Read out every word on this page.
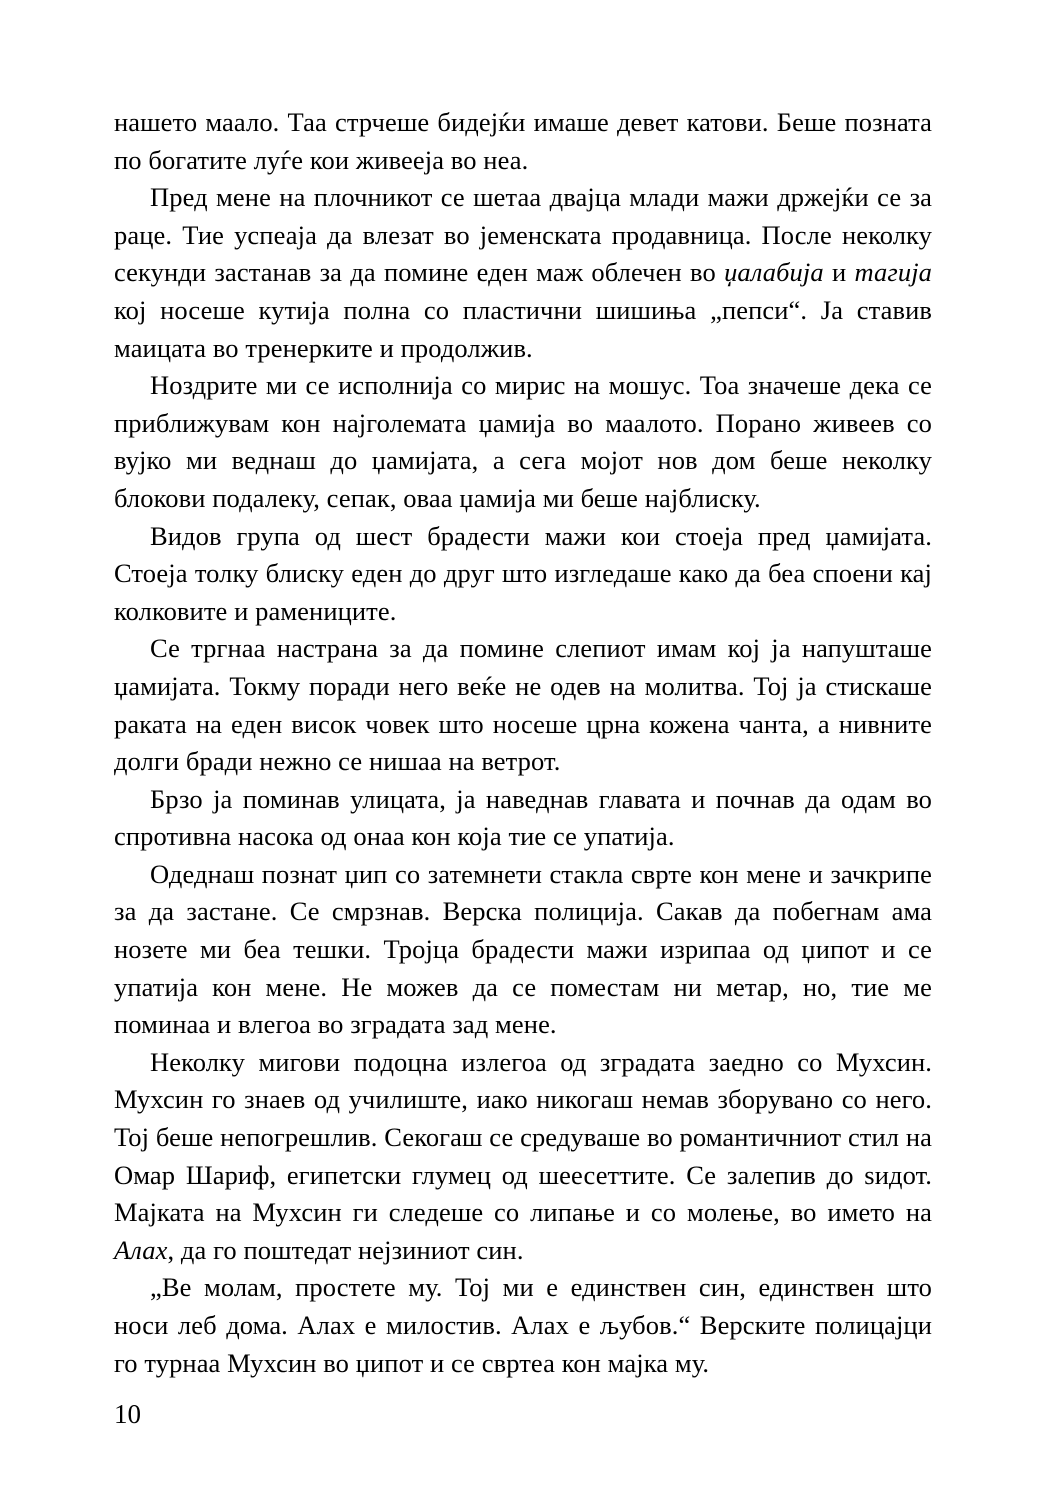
нашето маало. Таа стрчеше бидејќи имаше девет катови. Беше позната по богатите луѓе кои живееја во неа.

Пред мене на плочникот се шетаа двајца млади мажи држејќи се за раце. Тие успеаја да влезат во јеменската продавница. После неколку секунди застанав за да помине еден маж облечен во џалабија и тагија кој носеше кутија полна со пластични шишиња „пепси“. Ја ставив маицата во тренерките и продолжив.

Ноздрите ми се исполнија со мирис на мошус. Тоа значеше дека се приближувам кон најголемата џамија во маалото. Порано живеев со вујко ми веднаш до џамијата, а сега мојот нов дом беше неколку блокови подалеку, сепак, оваа џамија ми беше најблиску.

Видов група од шест брадести мажи кои стоеја пред џамијата. Стоеја толку блиску еден до друг што изгледаше како да беа споени кај колковите и рамениците.

Се тргнаа настрана за да помине слепиот имам кој ја напушташе џамијата. Токму поради него веќе не одев на молитва. Тој ја стискаше раката на еден висок човек што носеше црна кожена чанта, а нивните долги бради нежно се нишаа на ветрот.

Брзо ја поминав улицата, ја наведнав главата и почнав да одам во спротивна насока од онаа кон која тие се упатија.

Одеднаш познат џип со затемнети стакла сврте кон мене и зачкрипе за да застане. Се смрзнав. Верска полиција. Сакав да побегнам ама нозете ми беа тешки. Тројца брадести мажи изрипаа од џипот и се упатија кон мене. Не можев да се поместам ни метар, но, тие ме поминаа и влегоа во зградата зад мене.

Неколку мигови подоцна излегоа од зградата заедно со Мухсин. Мухсин го знаев од училиште, иако никогаш немав зборувано со него. Тој беше непогрешлив. Секогаш се средуваше во романтичниот стил на Омар Шариф, египетски глумец од шеесеттите. Се залепив до ѕидот. Мајката на Мухсин ги следеше со липање и со молење, во името на Алах, да го поштедат нејзиниот син.

„Ве молам, простете му. Тој ми е единствен син, единствен што носи леб дома. Алах е милостив. Алах е љубов.“ Верските полицајци го турнаа Мухсин во џипот и се свртеа кон мајка му.

10
